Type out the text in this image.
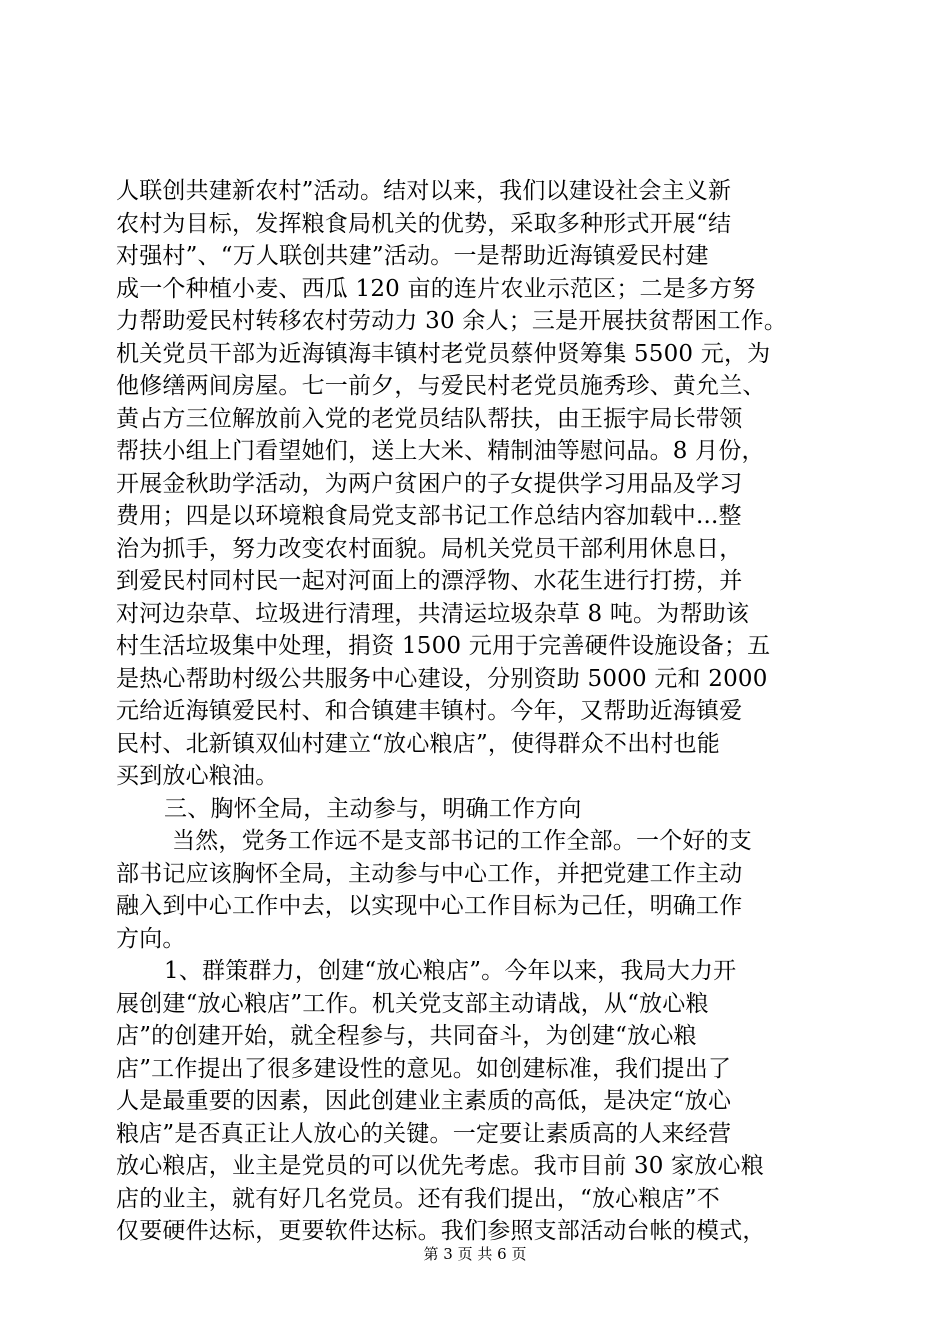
人联创共建新农村”活动。结对以来，我们以建设社会主义新
农村为目标，发挥粮食局机关的优势，采取多种形式开展“结
对强村”、“万人联创共建”活动。一是帮助近海镇爱民村建
成一个种植小麦、西瓜 120 亩的连片农业示范区；二是多方努
力帮助爱民村转移农村劳动力 30 余人；三是开展扶贫帮困工作。
机关党员干部为近海镇海丰镇村老党员蔡仲贤筹集 5500 元，为
他修缮两间房屋。七一前夕，与爱民村老党员施秀珍、黄允兰、
黄占方三位解放前入党的老党员结队帮扶，由王振宇局长带领
帮扶小组上门看望她们，送上大米、精制油等慰问品。8 月份，
开展金秋助学活动，为两户贫困户的子女提供学习用品及学习
费用；四是以环境粮食局党支部书记工作总结内容加载中...整
治为抓手，努力改变农村面貌。局机关党员干部利用休息日，
到爱民村同村民一起对河面上的漂浮物、水花生进行打捞，并
对河边杂草、垃圾进行清理，共清运垃圾杂草 8 吨。为帮助该
村生活垃圾集中处理，捐资 1500 元用于完善硬件设施设备；五
是热心帮助村级公共服务中心建设，分别资助 5000 元和 2000
元给近海镇爱民村、和合镇建丰镇村。今年，又帮助近海镇爱
民村、北新镇双仙村建立“放心粮店”，使得群众不出村也能
买到放心粮油。
三、胸怀全局，主动参与，明确工作方向
当然，党务工作远不是支部书记的工作全部。一个好的支
部书记应该胸怀全局，主动参与中心工作，并把党建工作主动
融入到中心工作中去，以实现中心工作目标为己任，明确工作
方向。
1、群策群力，创建“放心粮店”。今年以来，我局大力开
展创建“放心粮店”工作。机关党支部主动请战，从“放心粮
店”的创建开始，就全程参与，共同奋斗，为创建“放心粮
店”工作提出了很多建设性的意见。如创建标准，我们提出了
人是最重要的因素，因此创建业主素质的高低，是决定“放心
粮店”是否真正让人放心的关键。一定要让素质高的人来经营
放心粮店，业主是党员的可以优先考虑。我市目前 30 家放心粮
店的业主，就有好几名党员。还有我们提出，“放心粮店”不
仅要硬件达标，更要软件达标。我们参照支部活动台帐的模式，
第 3 页 共 6 页
